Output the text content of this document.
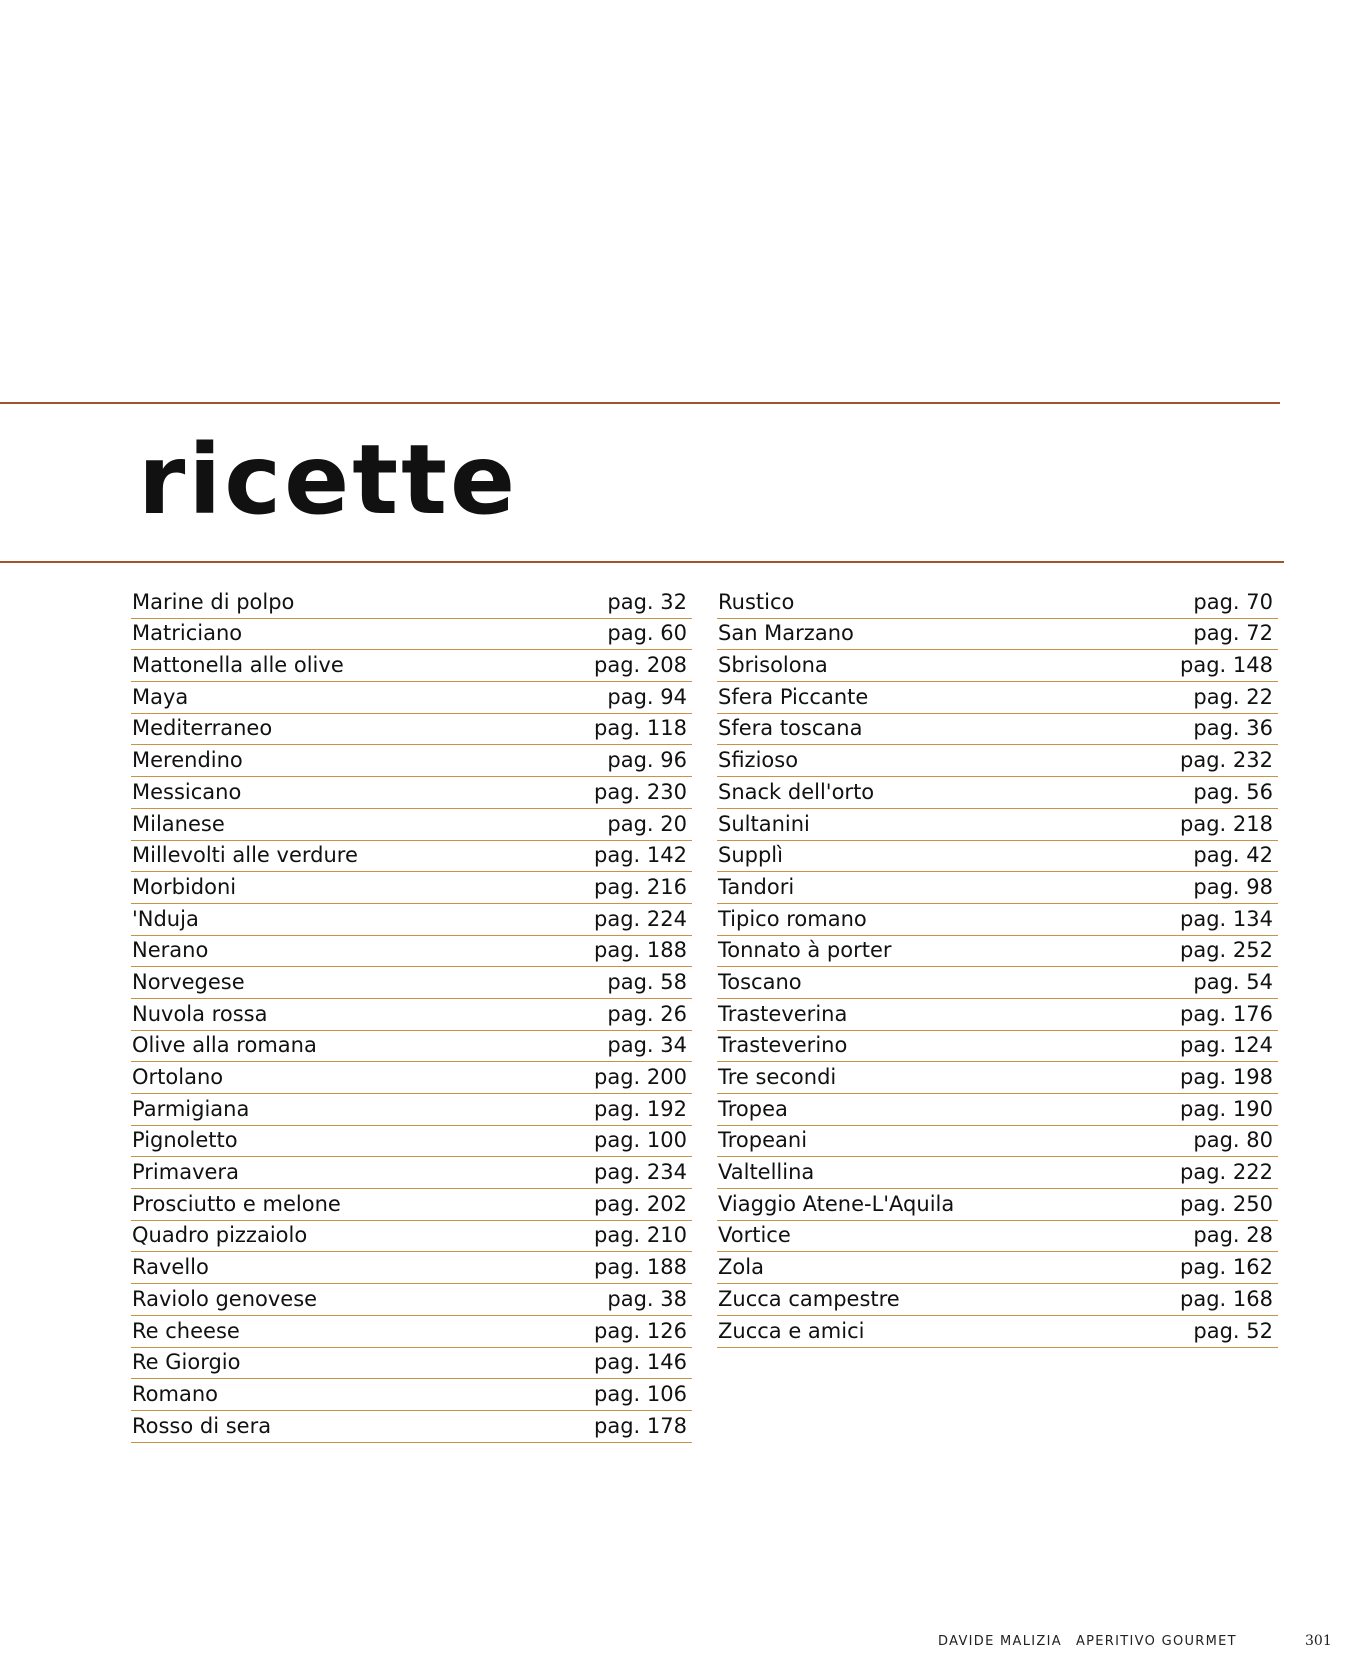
ricette
Marine di polpo	pag. 32
Matriciano	pag. 60
Mattonella alle olive	pag. 208
Maya	pag. 94
Mediterraneo	pag. 118
Merendino	pag. 96
Messicano	pag. 230
Milanese	pag. 20
Millevolti alle verdure	pag. 142
Morbidoni	pag. 216
'Nduja	pag. 224
Nerano	pag. 188
Norvegese	pag. 58
Nuvola rossa	pag. 26
Olive alla romana	pag. 34
Ortolano	pag. 200
Parmigiana	pag. 192
Pignoletto	pag. 100
Primavera	pag. 234
Prosciutto e melone	pag. 202
Quadro pizzaiolo	pag. 210
Ravello	pag. 188
Raviolo genovese	pag. 38
Re cheese	pag. 126
Re Giorgio	pag. 146
Romano	pag. 106
Rosso di sera	pag. 178
Rustico	pag. 70
San Marzano	pag. 72
Sbrisolona	pag. 148
Sfera Piccante	pag. 22
Sfera toscana	pag. 36
Sfizioso	pag. 232
Snack dell'orto	pag. 56
Sultanini	pag. 218
Supplì	pag. 42
Tandori	pag. 98
Tipico romano	pag. 134
Tonnato à porter	pag. 252
Toscano	pag. 54
Trasteverina	pag. 176
Trasteverino	pag. 124
Tre secondi	pag. 198
Tropea	pag. 190
Tropeani	pag. 80
Valtellina	pag. 222
Viaggio Atene-L'Aquila	pag. 250
Vortice	pag. 28
Zola	pag. 162
Zucca campestre	pag. 168
Zucca e amici	pag. 52
DAVIDE MALIZIA APERITIVO GOURMET	301
